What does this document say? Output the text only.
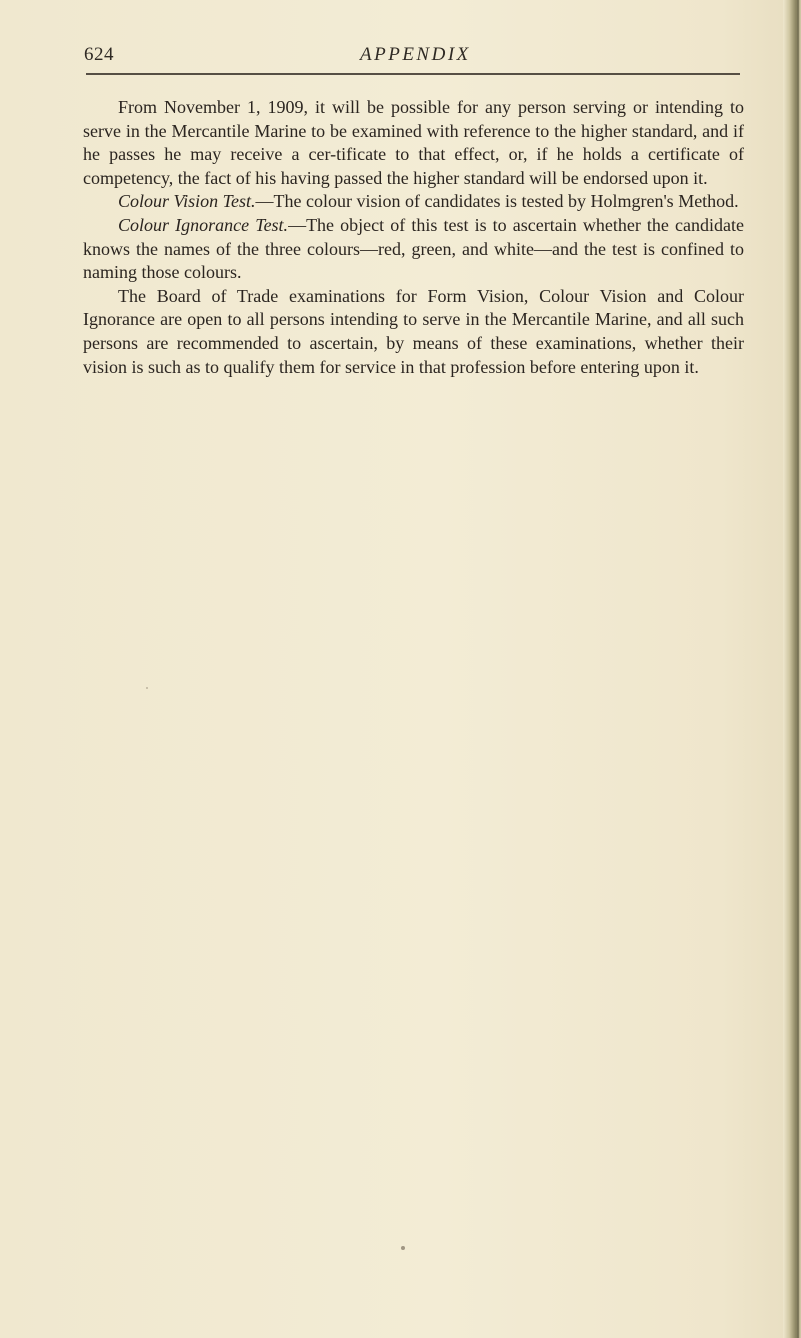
624	APPENDIX

From November 1, 1909, it will be possible for any person serving or intending to serve in the Mercantile Marine to be examined with reference to the higher standard, and if he passes he may receive a cer-tificate to that effect, or, if he holds a certificate of competency, the fact of his having passed the higher standard will be endorsed upon it.

Colour Vision Test.—The colour vision of candidates is tested by Holmgren's Method.

Colour Ignorance Test.—The object of this test is to ascertain whether the candidate knows the names of the three colours—red, green, and white—and the test is confined to naming those colours.

The Board of Trade examinations for Form Vision, Colour Vision and Colour Ignorance are open to all persons intending to serve in the Mercantile Marine, and all such persons are recommended to ascertain, by means of these examinations, whether their vision is such as to qualify them for service in that profession before entering upon it.
